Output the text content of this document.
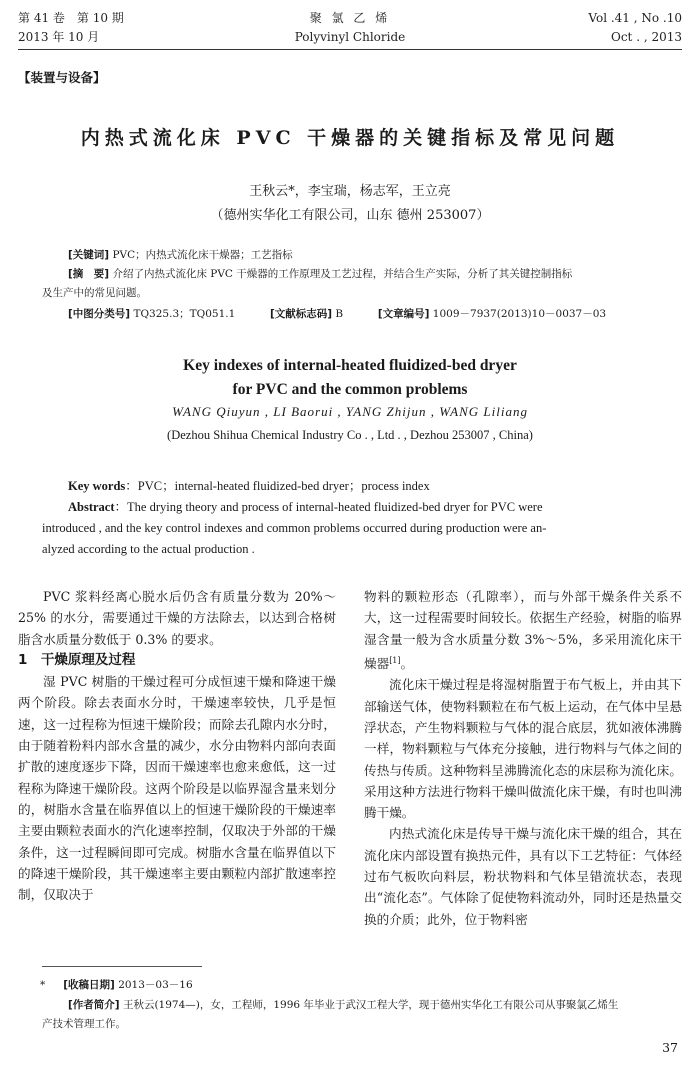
第 41 卷　第 10 期
2013 年 10 月
聚 氯 乙 烯
Polyvinyl Chloride
Vol .41 , No .10
Oct . , 2013
【装置与设备】
内热式流化床 PVC 干燥器的关键指标及常见问题
王秋云*，李宝瑞，杨志军，王立亮
（德州实华化工有限公司，山东 德州 253007）
[关键词] PVC；内热式流化床干燥器；工艺指标
[摘　要] 介绍了内热式流化床 PVC 干燥器的工作原理及工艺过程，并结合生产实际，分析了其关键控制指标
及生产中的常见问题。
[中图分类号] TQ325.3；TQ051.1	[文献标志码] B	[文章编号] 1009－7937(2013)10－0037－03
Key indexes of internal-heated fluidized-bed dryer
for PVC and the common problems
WANG Qiuyun , LI Baorui , YANG Zhijun , WANG Liliang
(Dezhou Shihua Chemical Industry Co . , Ltd . , Dezhou 253007 , China)
Key words：PVC；internal-heated fluidized-bed dryer；process index
Abstract：The drying theory and process of internal-heated fluidized-bed dryer for PVC were
introduced , and the key control indexes and common problems occurred during production were an-
alyzed according to the actual production .

PVC 浆料经离心脱水后仍含有质量分数为 20%～25% 的水分，需要通过干燥的方法除去，以达到合格树脂含水质量分数低于 0.3% 的要求。

1　干燥原理及过程

湿 PVC 树脂的干燥过程可分成恒速干燥和降速干燥两个阶段。除去表面水分时，干燥速率较快，几乎是恒速，这一过程称为恒速干燥阶段；而除去孔隙内水分时，由于随着粉料内部水含量的减少，水分由物料内部向表面扩散的速度逐步下降，因而干燥速率也愈来愈低，这一过程称为降速干燥阶段。这两个阶段是以临界湿含量来划分的，树脂水含量在临界值以上的恒速干燥阶段的干燥速率主要由颗粒表面水的汽化速率控制，仅取决于外部的干燥条件，这一过程瞬间即可完成。树脂水含量在临界值以下的降速干燥阶段，其干燥速率主要由颗粒内部扩散速率控制，仅取决于

物料的颗粒形态（孔隙率），而与外部干燥条件关系不大，这一过程需要时间较长。依据生产经验，树脂的临界湿含量一般为含水质量分数 3%～5%，多采用流化床干燥器[1]。

流化床干燥过程是将湿树脂置于布气板上，并由其下部输送气体，使物料颗粒在布气板上运动，在气体中呈悬浮状态，产生物料颗粒与气体的混合底层，犹如液体沸腾一样，物料颗粒与气体充分接触，进行物料与气体之间的传热与传质。这种物料呈沸腾流化态的床层称为流化床。采用这种方法进行物料干燥叫做流化床干燥，有时也叫沸腾干燥。

内热式流化床是传导干燥与流化床干燥的组合，其在流化床内部设置有换热元件，具有以下工艺特征：气体经过布气板吹向料层，粉状物料和气体呈错流状态，表现出“流化态”。气体除了促使物料流动外，同时还是热量交换的介质；此外，位于物料密

* [收稿日期] 2013－03－16
[作者简介] 王秋云(1974—)，女，工程师，1996 年毕业于武汉工程大学，现于德州实华化工有限公司从事聚氯乙烯生
产技术管理工作。
37
